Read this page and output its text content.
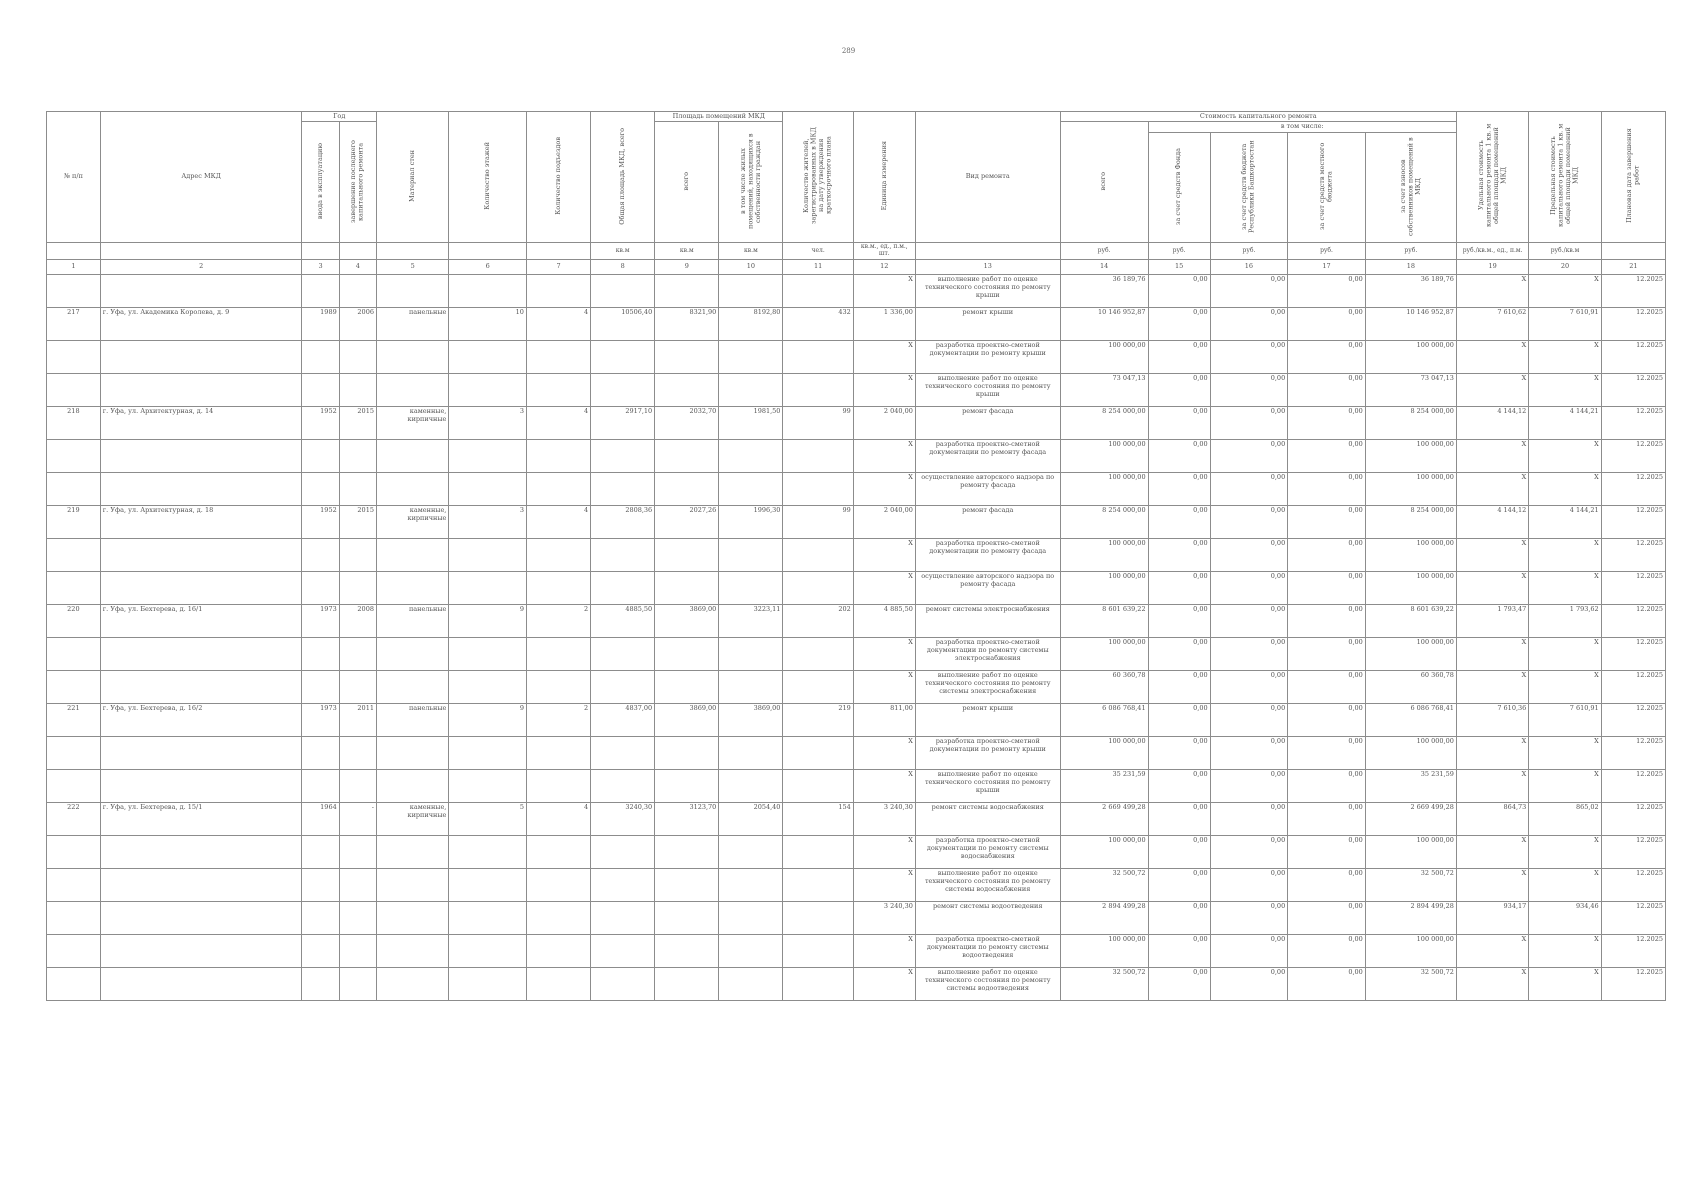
289
№ п/п	Адрес МКД	Год		Материал стен	Количество этажей	Количество подъездов	Общая площадь МКД, всего	Площадь помещений МКД		Количество жителей, зарегистрированных в МКД на дату утверждения краткосрочного плана	Единица измерения	Вид ремонта	Стоимость капитального ремонта					Удельная стоимость капитального ремонта 1 кв. м общей площади помещений МКД	Предельная стоимость капитального ремонта 1 кв. м общей площади помещений МКД	Плановая дата завершения работ
		ввода в эксплуатацию	завершение последнего капитального ремонта					всего	в том числе жилых помещений, находящихся в собственности граждан				всего	в том числе:						
														за счет средств Фонда	за счет средств бюджета Республики Башкортостан	за счет средств местного бюджета	за счет взносов собственников помещений в МКД			
							кв.м	кв.м	кв.м	чел.	кв.м., ед., п.м., шт.		руб.	руб.	руб.	руб.	руб.	руб./кв.м., ед., п.м.	руб./кв.м	
1	2	3	4	5	6	7	8	9	10	11	12	13	14	15	16	17	18	19	20	21
											X	выполнение работ по оценке технического состояния по ремонту крыши	36 189,76	0,00	0,00	0,00	36 189,76	X	X	12.2025
217	г. Уфа, ул. Академика Королева, д. 9	1989	2006	панельные	10	4	10506,40	8321,90	8192,80	432	1 336,00	ремонт крыши	10 146 952,87	0,00	0,00	0,00	10 146 952,87	7 610,62	7 610,91	12.2025
											X	разработка проектно-сметной документации по ремонту крыши	100 000,00	0,00	0,00	0,00	100 000,00	X	X	12.2025
											X	выполнение работ по оценке технического состояния по ремонту крыши	73 047,13	0,00	0,00	0,00	73 047,13	X	X	12.2025
218	г. Уфа, ул. Архитектурная, д. 14	1952	2015	каменные, кирпичные	3	4	2917,10	2032,70	1981,50	99	2 040,00	ремонт фасада	8 254 000,00	0,00	0,00	0,00	8 254 000,00	4 144,12	4 144,21	12.2025
											X	разработка проектно-сметной документации по ремонту фасада	100 000,00	0,00	0,00	0,00	100 000,00	X	X	12.2025
											X	осуществление авторского надзора по ремонту фасада	100 000,00	0,00	0,00	0,00	100 000,00	X	X	12.2025
219	г. Уфа, ул. Архитектурная, д. 18	1952	2015	каменные, кирпичные	3	4	2808,36	2027,26	1996,30	99	2 040,00	ремонт фасада	8 254 000,00	0,00	0,00	0,00	8 254 000,00	4 144,12	4 144,21	12.2025
											X	разработка проектно-сметной документации по ремонту фасада	100 000,00	0,00	0,00	0,00	100 000,00	X	X	12.2025
											X	осуществление авторского надзора по ремонту фасада	100 000,00	0,00	0,00	0,00	100 000,00	X	X	12.2025
220	г. Уфа, ул. Бехтерева, д. 16/1	1973	2008	панельные	9	2	4885,50	3869,00	3223,11	202	4 885,50	ремонт системы электроснабжения	8 601 639,22	0,00	0,00	0,00	8 601 639,22	1 793,47	1 793,62	12.2025
											X	разработка проектно-сметной документации по ремонту системы электроснабжения	100 000,00	0,00	0,00	0,00	100 000,00	X	X	12.2025
											X	выполнение работ по оценке технического состояния по ремонту системы электроснабжения	60 360,78	0,00	0,00	0,00	60 360,78	X	X	12.2025
221	г. Уфа, ул. Бехтерева, д. 16/2	1973	2011	панельные	9	2	4837,00	3869,00	3869,00	219	811,00	ремонт крыши	6 086 768,41	0,00	0,00	0,00	6 086 768,41	7 610,36	7 610,91	12.2025
											X	разработка проектно-сметной документации по ремонту крыши	100 000,00	0,00	0,00	0,00	100 000,00	X	X	12.2025
											X	выполнение работ по оценке технического состояния по ремонту крыши	35 231,59	0,00	0,00	0,00	35 231,59	X	X	12.2025
222	г. Уфа, ул. Бехтерева, д. 15/1	1964	-	каменные, кирпичные	5	4	3240,30	3123,70	2054,40	154	3 240,30	ремонт системы водоснабжения	2 669 499,28	0,00	0,00	0,00	2 669 499,28	864,73	865,02	12.2025
											X	разработка проектно-сметной документации по ремонту системы водоснабжения	100 000,00	0,00	0,00	0,00	100 000,00	X	X	12.2025
											X	выполнение работ по оценке технического состояния по ремонту системы водоснабжения	32 500,72	0,00	0,00	0,00	32 500,72	X	X	12.2025
											3 240,30	ремонт системы водоотведения	2 894 499,28	0,00	0,00	0,00	2 894 499,28	934,17	934,46	12.2025
											X	разработка проектно-сметной документации по ремонту системы водоотведения	100 000,00	0,00	0,00	0,00	100 000,00	X	X	12.2025
											X	выполнение работ по оценке технического состояния по ремонту системы водоотведения	32 500,72	0,00	0,00	0,00	32 500,72	X	X	12.2025
